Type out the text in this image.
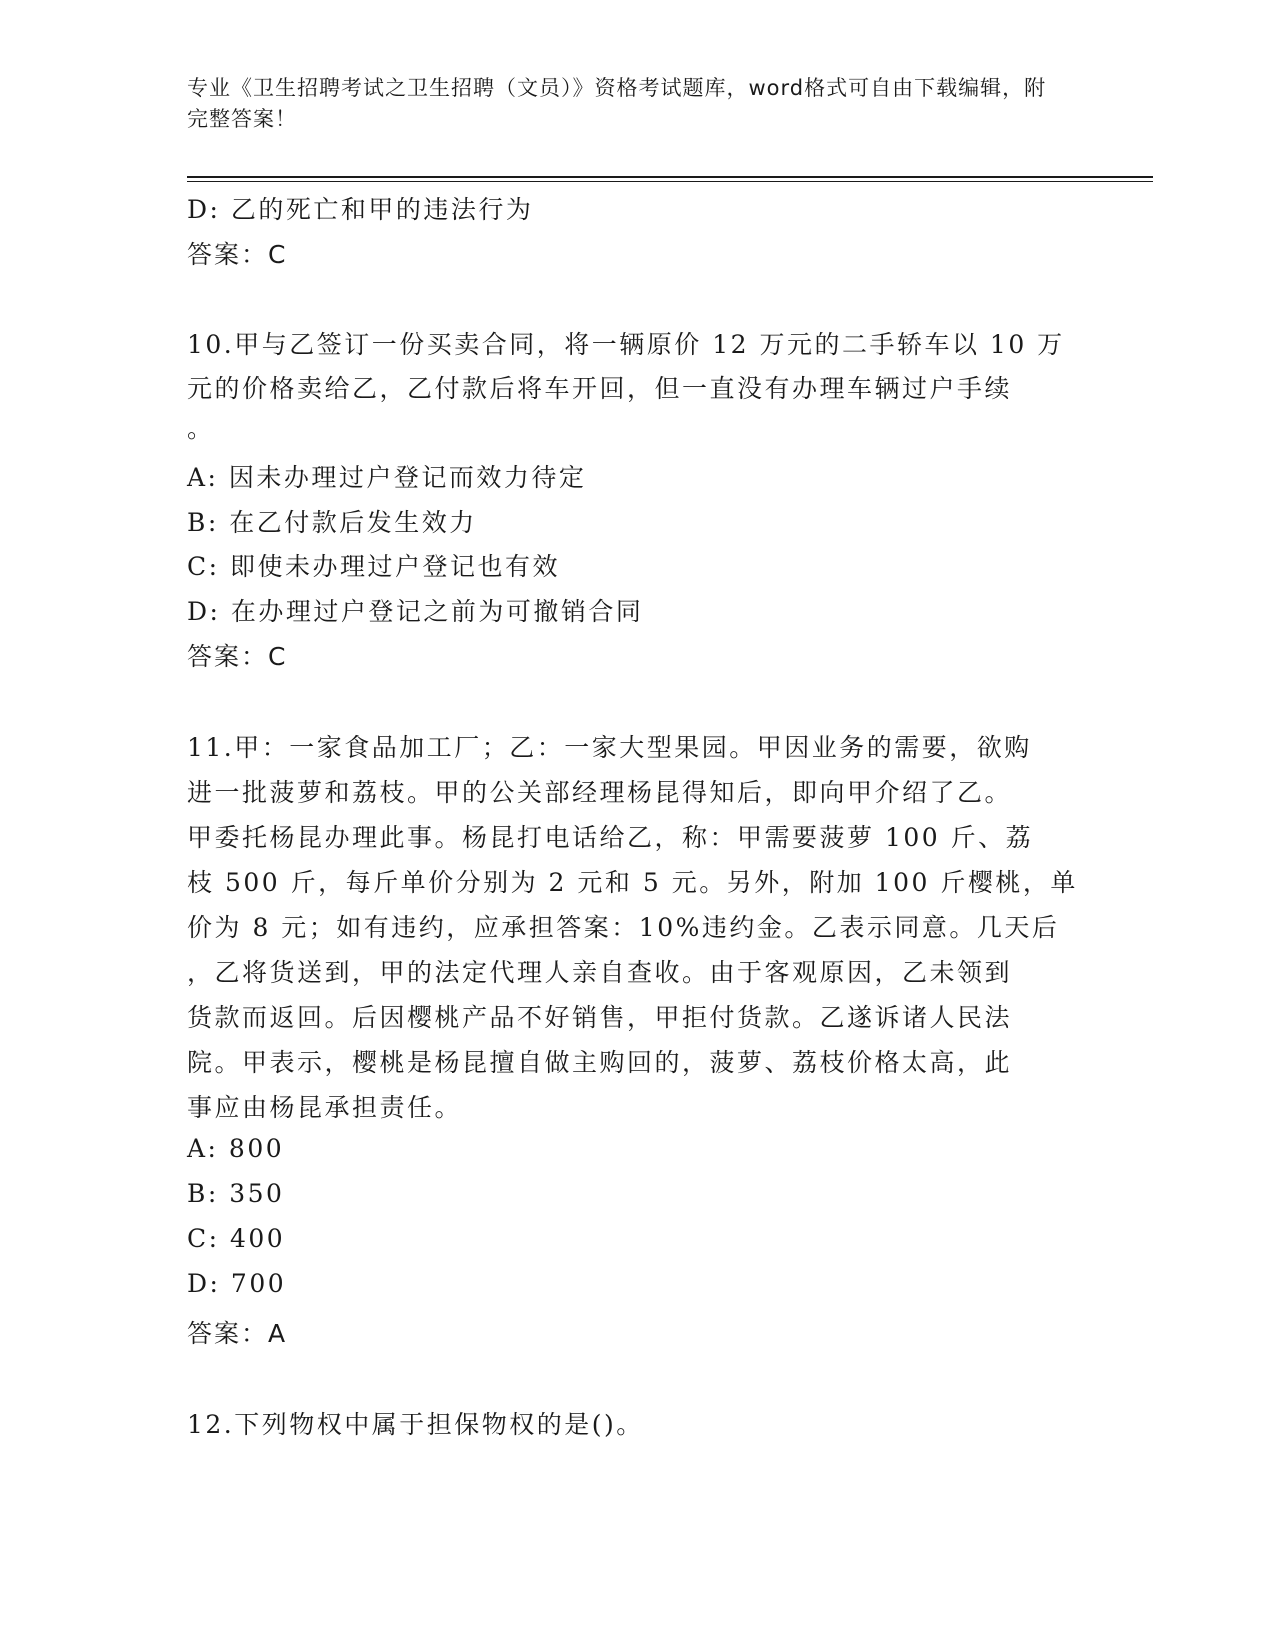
专业《卫生招聘考试之卫生招聘（文员）》资格考试题库，word格式可自由下载编辑，附完整答案！
D: 乙的死亡和甲的违法行为
答案：C
10.甲与乙签订一份买卖合同，将一辆原价 12 万元的二手轿车以 10 万
元的价格卖给乙，乙付款后将车开回，但一直没有办理车辆过户手续
。
A: 因未办理过户登记而效力待定
B: 在乙付款后发生效力
C: 即使未办理过户登记也有效
D: 在办理过户登记之前为可撤销合同
答案：C
11.甲：一家食品加工厂；乙：一家大型果园。甲因业务的需要，欲购
进一批菠萝和荔枝。甲的公关部经理杨昆得知后，即向甲介绍了乙。
甲委托杨昆办理此事。杨昆打电话给乙，称：甲需要菠萝 100 斤、荔
枝 500 斤，每斤单价分别为 2 元和 5 元。另外，附加 100 斤樱桃，单
价为 8 元；如有违约，应承担答案：10%违约金。乙表示同意。几天后
，乙将货送到，甲的法定代理人亲自查收。由于客观原因，乙未领到
货款而返回。后因樱桃产品不好销售，甲拒付货款。乙遂诉诸人民法
院。甲表示，樱桃是杨昆擅自做主购回的，菠萝、荔枝价格太高，此
事应由杨昆承担责任。
A: 800
B: 350
C: 400
D: 700
答案：A
12.下列物权中属于担保物权的是()。
